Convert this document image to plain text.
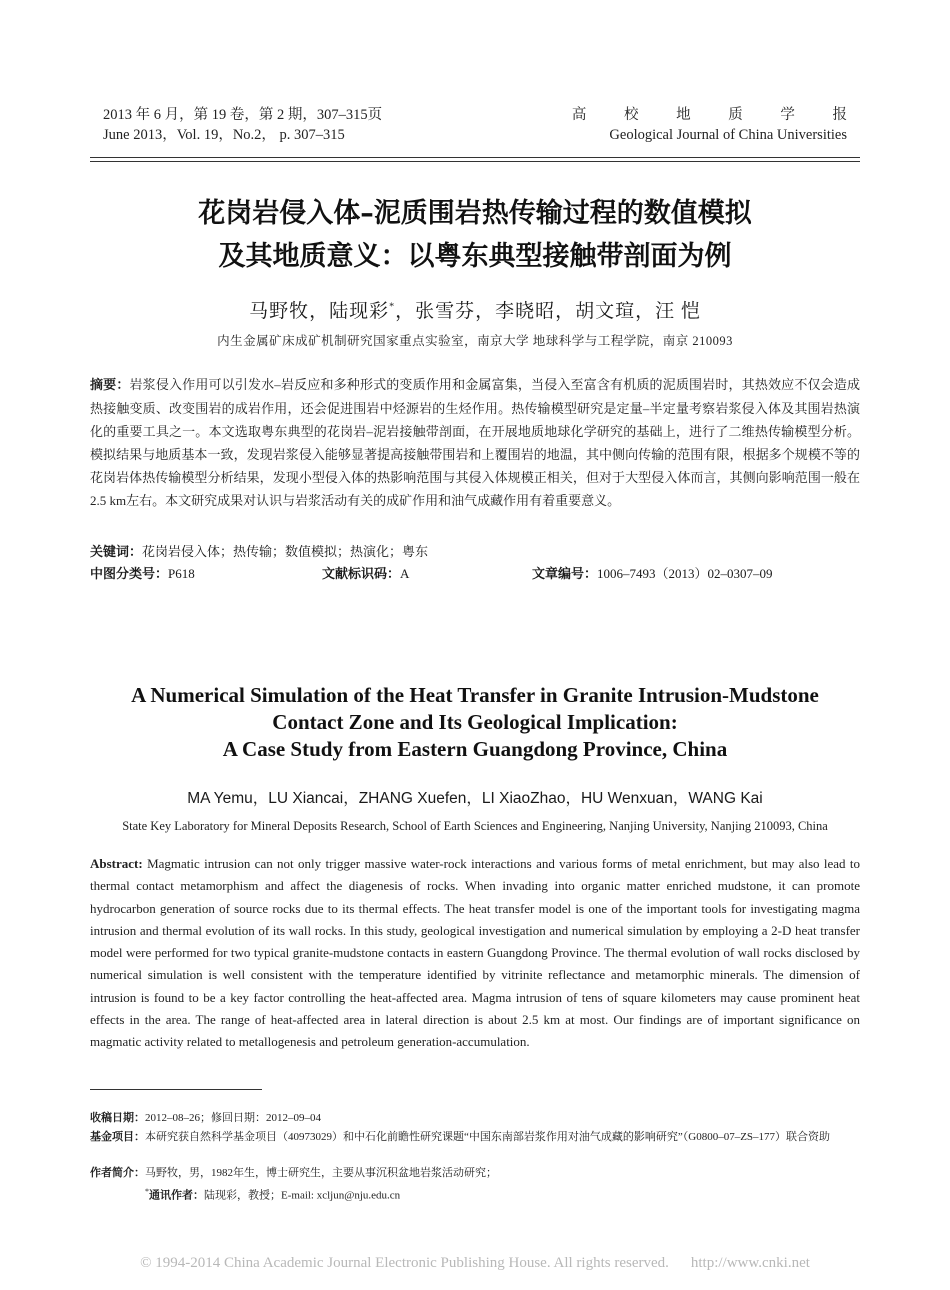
2013 年 6 月，第 19 卷，第 2 期，307–315页
June 2013，Vol. 19，No.2， p. 307–315
高 校 地 质 学 报
Geological Journal of China Universities
花岗岩侵入体–泥质围岩热传输过程的数值模拟
及其地质意义：以粤东典型接触带剖面为例
马野牧，陆现彩*，张雪芬，李晓昭，胡文瑄，汪 恺
内生金属矿床成矿机制研究国家重点实验室，南京大学 地球科学与工程学院，南京 210093
摘要：岩浆侵入作用可以引发水–岩反应和多种形式的变质作用和金属富集，当侵入至富含有机质的泥质围岩时，其热效应不仅会造成热接触变质、改变围岩的成岩作用，还会促进围岩中烃源岩的生烃作用。热传输模型研究是定量–半定量考察岩浆侵入体及其围岩热演化的重要工具之一。本文选取粤东典型的花岗岩–泥岩接触带剖面，在开展地质地球化学研究的基础上，进行了二维热传输模型分析。模拟结果与地质基本一致，发现岩浆侵入能够显著提高接触带围岩和上覆围岩的地温，其中侧向传输的范围有限，根据多个规模不等的花岗岩体热传输模型分析结果，发现小型侵入体的热影响范围与其侵入体规模正相关，但对于大型侵入体而言，其侧向影响范围一般在2.5 km左右。本文研究成果对认识与岩浆活动有关的成矿作用和油气成藏作用有着重要意义。
关键词：花岗岩侵入体；热传输；数值模拟；热演化；粤东
中图分类号：P618	文献标识码：A	文章编号：1006–7493（2013）02–0307–09
A Numerical Simulation of the Heat Transfer in Granite Intrusion-Mudstone
Contact Zone and Its Geological Implication:
A Case Study from Eastern Guangdong Province, China
MA Yemu，LU Xiancai，ZHANG Xuefen，LI XiaoZhao，HU Wenxuan，WANG Kai
State Key Laboratory for Mineral Deposits Research, School of Earth Sciences and Engineering, Nanjing University, Nanjing 210093, China
Abstract: Magmatic intrusion can not only trigger massive water-rock interactions and various forms of metal enrichment, but may also lead to thermal contact metamorphism and affect the diagenesis of rocks. When invading into organic matter enriched mudstone, it can promote hydrocarbon generation of source rocks due to its thermal effects. The heat transfer model is one of the important tools for investigating magma intrusion and thermal evolution of its wall rocks. In this study, geological investigation and numerical simulation by employing a 2-D heat transfer model were performed for two typical granite-mudstone contacts in eastern Guangdong Province. The thermal evolution of wall rocks disclosed by numerical simulation is well consistent with the temperature identified by vitrinite reflectance and metamorphic minerals. The dimension of intrusion is found to be a key factor controlling the heat-affected area. Magma intrusion of tens of square kilometers may cause prominent heat effects in the area. The range of heat-affected area in lateral direction is about 2.5 km at most. Our findings are of important significance on magmatic activity related to metallogenesis and petroleum generation-accumulation.
收稿日期：2012–08–26；修回日期：2012–09–04
基金项目：本研究获自然科学基金项目（40973029）和中石化前瞻性研究课题“中国东南部岩浆作用对油气成藏的影响研究”（G0800–07–ZS–177）联合资助
作者简介：马野牧，男，1982年生，博士研究生，主要从事沉积盆地岩浆活动研究；
*通讯作者：陆现彩，教授；E-mail: xcljun@nju.edu.cn
© 1994-2014 China Academic Journal Electronic Publishing House. All rights reserved. http://www.cnki.net
